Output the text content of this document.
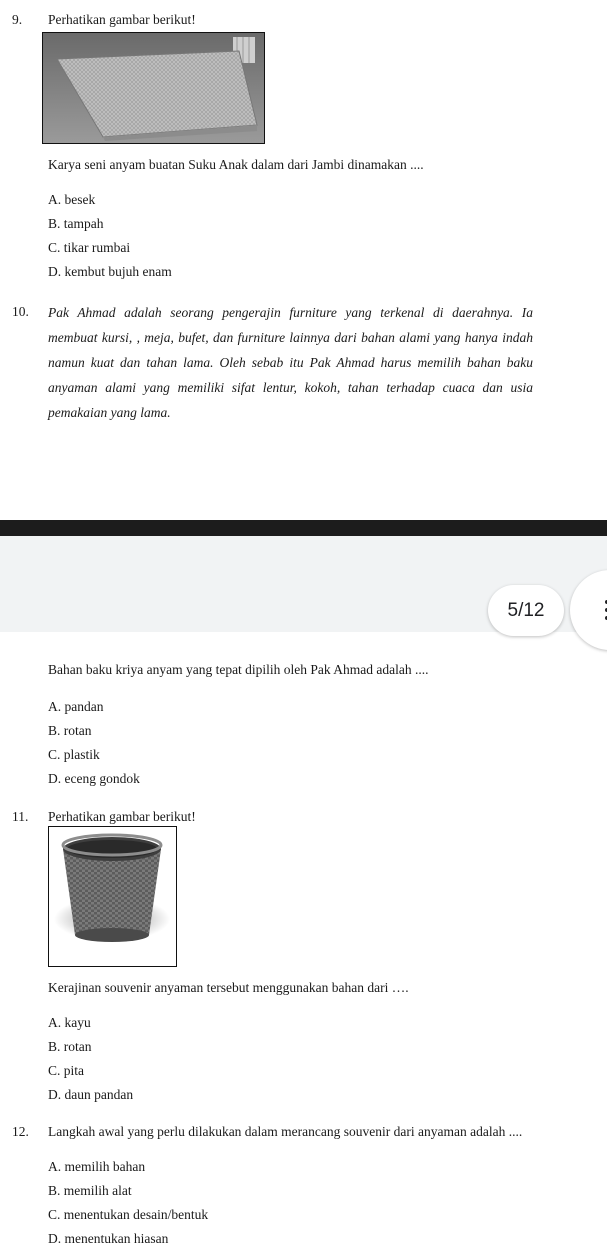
9. Perhatikan gambar berikut!
Karya seni anyam buatan Suku Anak dalam dari Jambi dinamakan ....
A. besek
B. tampah
C. tikar rumbai
D. kembut bujuh enam
10. Pak Ahmad adalah seorang pengerajin furniture yang terkenal di daerahnya. Ia
membuat kursi, , meja, bufet, dan furniture lainnya dari bahan alami yang hanya indah
namun kuat dan tahan lama. Oleh sebab itu Pak Ahmad harus memilih bahan baku
anyaman alami yang memiliki sifat lentur, kokoh, tahan terhadap cuaca dan usia
pemakaian yang lama.
5/12
Bahan baku kriya anyam yang tepat dipilih oleh Pak Ahmad adalah ....
A. pandan
B. rotan
C. plastik
D. eceng gondok
11. Perhatikan gambar berikut!
Kerajinan souvenir anyaman tersebut menggunakan bahan dari ….
A. kayu
B. rotan
C. pita
D. daun pandan
12. Langkah awal yang perlu dilakukan dalam merancang souvenir dari anyaman adalah ....
A. memilih bahan
B. memilih alat
C. menentukan desain/bentuk
D. menentukan hiasan
